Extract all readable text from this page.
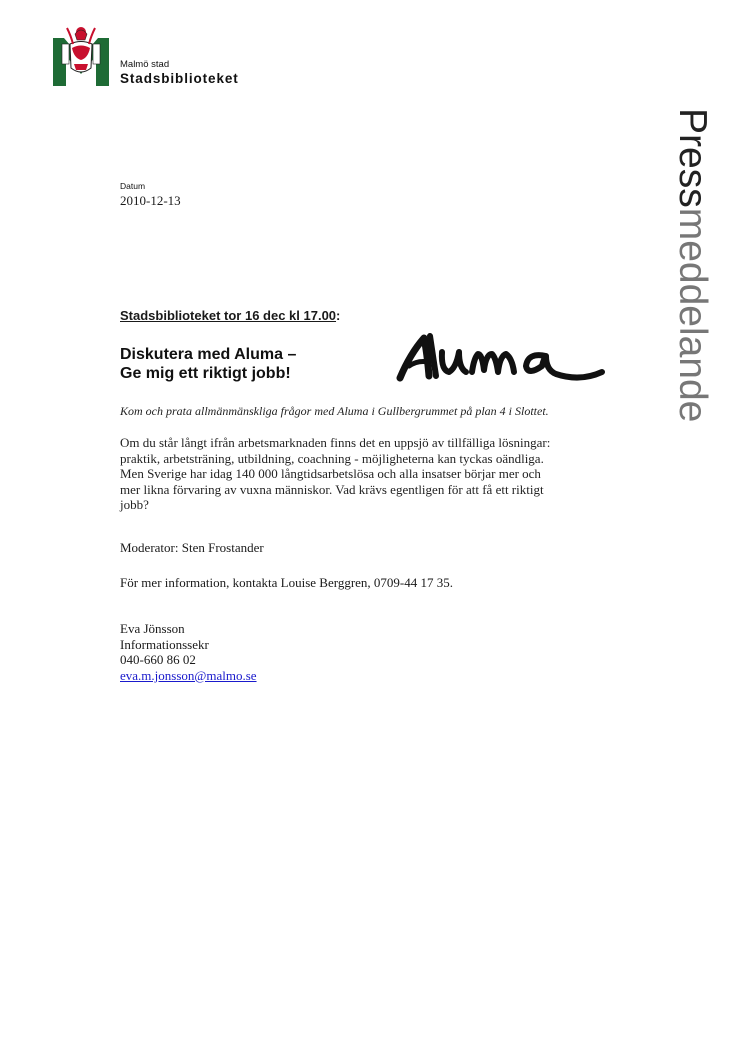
Malmö stad
Stadsbiblioteket
Pressmeddelande
Datum
2010-12-13
Stadsbiblioteket tor 16 dec kl 17.00:
Diskutera med Aluma –
Ge mig ett riktigt jobb!
Kom och prata allmänmänskliga frågor med Aluma i Gullbergrummet på plan 4 i Slottet.
Om du står långt ifrån arbetsmarknaden finns det en uppsjö av tillfälliga lösningar: praktik, arbetsträning, utbildning, coachning - möjligheterna kan tyckas oändliga. Men Sverige har idag 140 000 långtidsarbetslösa och alla insatser börjar mer och mer likna förvaring av vuxna människor. Vad krävs egentligen för att få ett riktigt jobb?
Moderator: Sten Frostander
För mer information, kontakta Louise Berggren, 0709-44 17 35.
Eva Jönsson
Informationssekr
040-660 86 02
eva.m.jonsson@malmo.se
